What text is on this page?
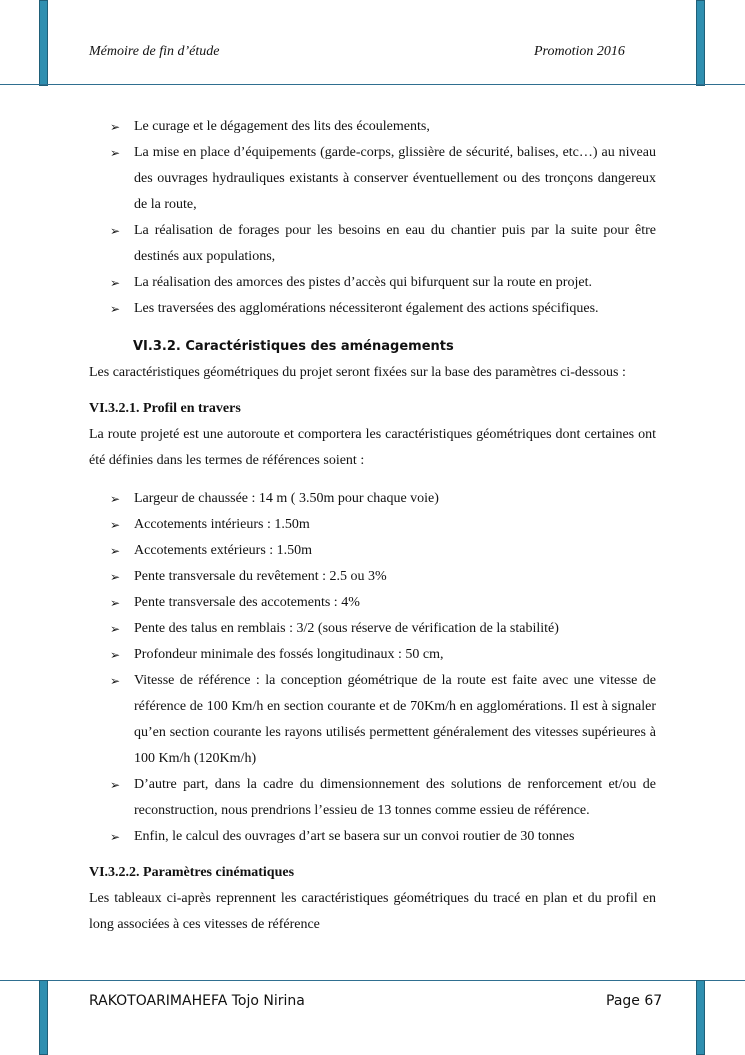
Mémoire de fin d’étude	Promotion 2016
➢ Le curage et le dégagement des lits des écoulements,
➢ La mise en place d’équipements (garde-corps, glissière de sécurité, balises, etc…) au niveau des ouvrages hydrauliques existants à conserver éventuellement ou des tronçons dangereux de la route,
➢ La réalisation de forages pour les besoins en eau du chantier puis par la suite pour être destinés aux populations,
➢ La réalisation des amorces des pistes d’accès qui bifurquent sur la route en projet.
➢ Les traversées des agglomérations nécessiteront également des actions spécifiques.
VI.3.2. Caractéristiques des aménagements

Les caractéristiques géométriques du projet seront fixées sur la base des paramètres ci-dessous :

VI.3.2.1. Profil en travers

La route projeté est une autoroute et comportera les caractéristiques géométriques dont certaines ont été définies dans les termes de références soient :

➢ Largeur de chaussée : 14 m ( 3.50m pour chaque voie)
➢ Accotements intérieurs : 1.50m
➢ Accotements extérieurs : 1.50m
➢ Pente transversale du revêtement : 2.5 ou 3%
➢ Pente transversale des accotements : 4%
➢ Pente des talus en remblais : 3/2 (sous réserve de vérification de la stabilité)
➢ Profondeur minimale des fossés longitudinaux : 50 cm,
➢ Vitesse de référence : la conception géométrique de la route est faite avec une vitesse de référence de 100 Km/h en section courante et de 70Km/h en agglomérations. Il est à signaler qu’en section courante les rayons utilisés permettent généralement des vitesses supérieures à 100 Km/h (120Km/h)
➢ D’autre part, dans la cadre du dimensionnement des solutions de renforcement et/ou de reconstruction, nous prendrions l’essieu de 13 tonnes comme essieu de référence.
➢ Enfin, le calcul des ouvrages d’art se basera sur un convoi routier de 30 tonnes
VI.3.2.2. Paramètres cinématiques

Les tableaux ci-après reprennent les caractéristiques géométriques du tracé en plan et du profil en long associées à ces vitesses de référence

RAKOTOARIMAHEFA Tojo Nirina	Page 67
